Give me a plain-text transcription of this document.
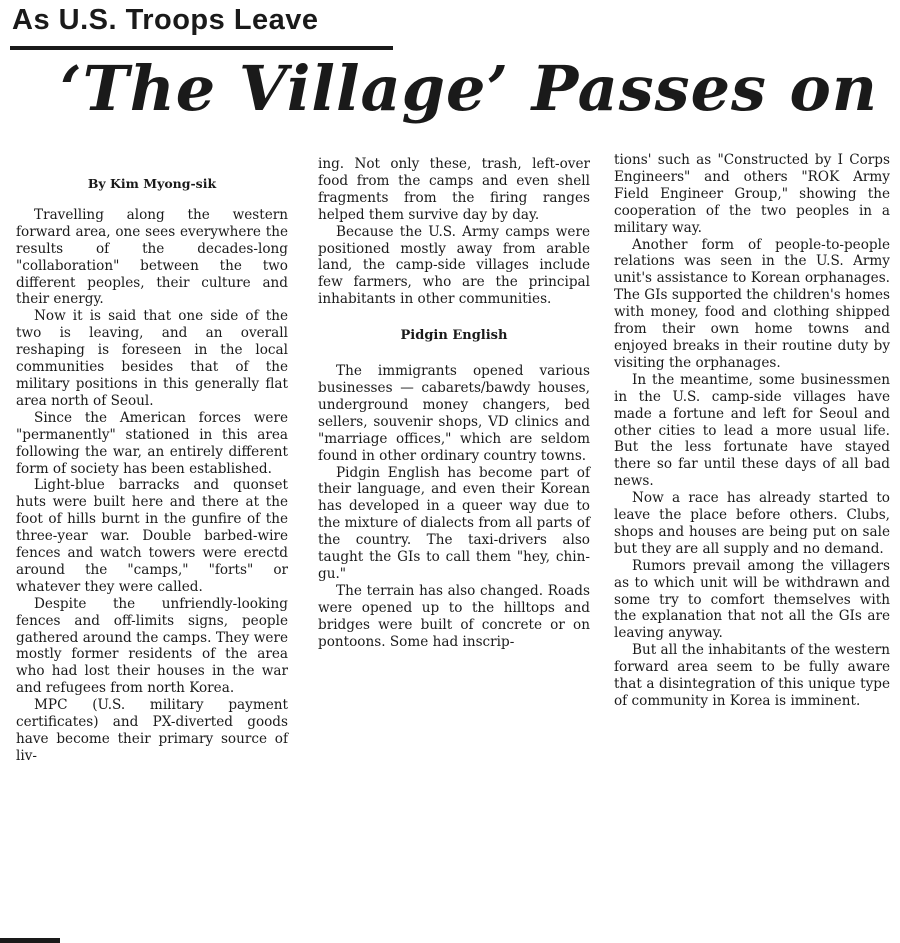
As U.S. Troops Leave
‘The Village’ Passes on

By Kim Myong-sik

Travelling along the western forward area, one sees everywhere the results of the decades-long "collaboration" between the two different peoples, their culture and their energy.

Now it is said that one side of the two is leaving, and an overall reshaping is foreseen in the local communities besides that of the military positions in this generally flat area north of Seoul.

Since the American forces were "permanently" stationed in this area following the war, an entirely different form of society has been established.

Light-blue barracks and quonset huts were built here and there at the foot of hills burnt in the gunfire of the three-year war. Double barbed-wire fences and watch towers were erectd around the "camps," "forts" or whatever they were called.

Despite the unfriendly-looking fences and off-limits signs, people gathered around the camps. They were mostly former residents of the area who had lost their houses in the war and refugees from north Korea.

MPC (U.S. military payment certificates) and PX-diverted goods have become their primary source of liv-

ing. Not only these, trash, left-over food from the camps and even shell fragments from the firing ranges helped them survive day by day.

Because the U.S. Army camps were positioned mostly away from arable land, the camp-side villages include few farmers, who are the principal inhabitants in other communities.

Pidgin English

The immigrants opened various businesses — cabarets/bawdy houses, underground money changers, bed sellers, souvenir shops, VD clinics and "marriage offices," which are seldom found in other ordinary country towns.

Pidgin English has become part of their language, and even their Korean has developed in a queer way due to the mixture of dialects from all parts of the country. The taxi-drivers also taught the GIs to call them "hey, chin-gu."

The terrain has also changed. Roads were opened up to the hilltops and bridges were built of concrete or on pontoons. Some had inscrip-

tions' such as "Constructed by I Corps Engineers" and others "ROK Army Field Engineer Group," showing the cooperation of the two peoples in a military way.

Another form of people-to-people relations was seen in the U.S. Army unit's assistance to Korean orphanages. The GIs supported the children's homes with money, food and clothing shipped from their own home towns and enjoyed breaks in their routine duty by visiting the orphanages.

In the meantime, some businessmen in the U.S. camp-side villages have made a fortune and left for Seoul and other cities to lead a more usual life. But the less fortunate have stayed there so far until these days of all bad news.

Now a race has already started to leave the place before others. Clubs, shops and houses are being put on sale but they are all supply and no demand.

Rumors prevail among the villagers as to which unit will be withdrawn and some try to comfort themselves with the explanation that not all the GIs are leaving anyway.

But all the inhabitants of the western forward area seem to be fully aware that a disintegration of this unique type of community in Korea is imminent.
